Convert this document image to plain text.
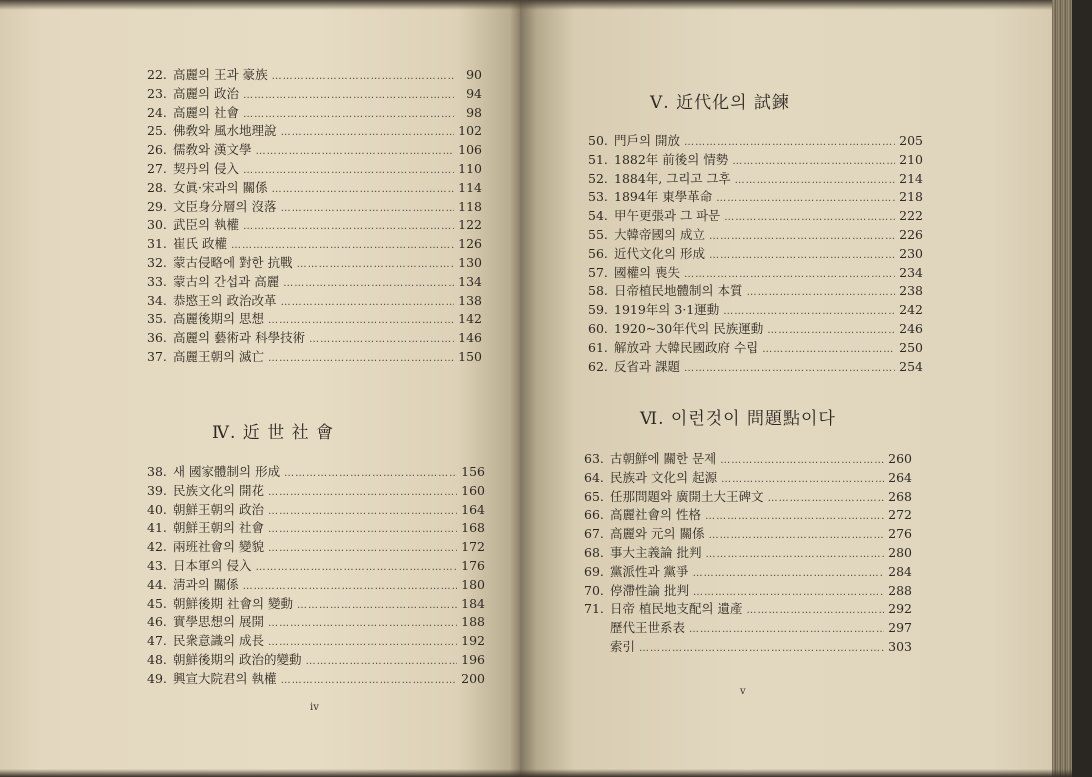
22. 高麗의 王과 豪族 ……………………………………………………………………………………………………………………………………………………	90
23. 高麗의 政治 ……………………………………………………………………………………………………………………………………………………	94
24. 高麗의 社會 ……………………………………………………………………………………………………………………………………………………	98
25. 佛敎와 風水地理說 ……………………………………………………………………………………………………………………………………………………	102
26. 儒敎와 漢文學 ……………………………………………………………………………………………………………………………………………………	106
27. 契丹의 侵入 ……………………………………………………………………………………………………………………………………………………	110
28. 女眞·宋과의 關係 ……………………………………………………………………………………………………………………………………………………	114
29. 文臣身分層의 沒落 ……………………………………………………………………………………………………………………………………………………	118
30. 武臣의 執權 ……………………………………………………………………………………………………………………………………………………	122
31. 崔氏 政權 ……………………………………………………………………………………………………………………………………………………	126
32. 蒙古侵略에 對한 抗戰 ……………………………………………………………………………………………………………………………………………………	130
33. 蒙古의 간섭과 高麗 ……………………………………………………………………………………………………………………………………………………	134
34. 恭愍王의 政治改革 ……………………………………………………………………………………………………………………………………………………	138
35. 高麗後期의 思想 ……………………………………………………………………………………………………………………………………………………	142
36. 高麗의 藝術과 科學技術 ……………………………………………………………………………………………………………………………………………………	146
37. 高麗王朝의 滅亡 ……………………………………………………………………………………………………………………………………………………	150
Ⅳ. 近 世 社 會
38. 새 國家體制의 形成 ……………………………………………………………………………………………………………………………………………………	156
39. 民族文化의 開花 ……………………………………………………………………………………………………………………………………………………	160
40. 朝鮮王朝의 政治 ……………………………………………………………………………………………………………………………………………………	164
41. 朝鮮王朝의 社會 ……………………………………………………………………………………………………………………………………………………	168
42. 兩班社會의 變貌 ……………………………………………………………………………………………………………………………………………………	172
43. 日本軍의 侵入 ……………………………………………………………………………………………………………………………………………………	176
44. 淸과의 關係 ……………………………………………………………………………………………………………………………………………………	180
45. 朝鮮後期 社會의 變動 ……………………………………………………………………………………………………………………………………………………	184
46. 實學思想의 展開 ……………………………………………………………………………………………………………………………………………………	188
47. 民衆意識의 成長 ……………………………………………………………………………………………………………………………………………………	192
48. 朝鮮後期의 政治的變動 ……………………………………………………………………………………………………………………………………………………	196
49. 興宣大院君의 執權 ……………………………………………………………………………………………………………………………………………………	200
iv
Ⅴ. 近代化의 試鍊
50. 門戶의 開放 ……………………………………………………………………………………………………………………………………………………	205
51. 1882年 前後의 情勢 ……………………………………………………………………………………………………………………………………………………	210
52. 1884年, 그리고 그후 ……………………………………………………………………………………………………………………………………………………	214
53. 1894年 東學革命 ……………………………………………………………………………………………………………………………………………………	218
54. 甲午更張과 그 파문 ……………………………………………………………………………………………………………………………………………………	222
55. 大韓帝國의 成立 ……………………………………………………………………………………………………………………………………………………	226
56. 近代文化의 形成 ……………………………………………………………………………………………………………………………………………………	230
57. 國權의 喪失 ……………………………………………………………………………………………………………………………………………………	234
58. 日帝植民地體制의 本質 ……………………………………………………………………………………………………………………………………………………	238
59. 1919年의 3·1運動 ……………………………………………………………………………………………………………………………………………………	242
60. 1920~30年代의 民族運動 ……………………………………………………………………………………………………………………………………………………	246
61. 解放과 大韓民國政府 수립 ……………………………………………………………………………………………………………………………………………………	250
62. 反省과 課題 ……………………………………………………………………………………………………………………………………………………	254
Ⅵ. 이런것이 問題點이다
63. 古朝鮮에 關한 문제 ……………………………………………………………………………………………………………………………………………………	260
64. 民族과 文化의 起源 ……………………………………………………………………………………………………………………………………………………	264
65. 任那問題와 廣開土大王碑文 ……………………………………………………………………………………………………………………………………………………	268
66. 高麗社會의 性格 ……………………………………………………………………………………………………………………………………………………	272
67. 高麗와 元의 關係 ……………………………………………………………………………………………………………………………………………………	276
68. 事大主義論 批判 ……………………………………………………………………………………………………………………………………………………	280
69. 黨派性과 黨爭 ……………………………………………………………………………………………………………………………………………………	284
70. 停滯性論 批判 ……………………………………………………………………………………………………………………………………………………	288
71. 日帝 植民地支配의 遺產 ……………………………………………………………………………………………………………………………………………………	292
歷代王世系表 ……………………………………………………………………………………………………………………………………………………	297
索引 ……………………………………………………………………………………………………………………………………………………	303
v
